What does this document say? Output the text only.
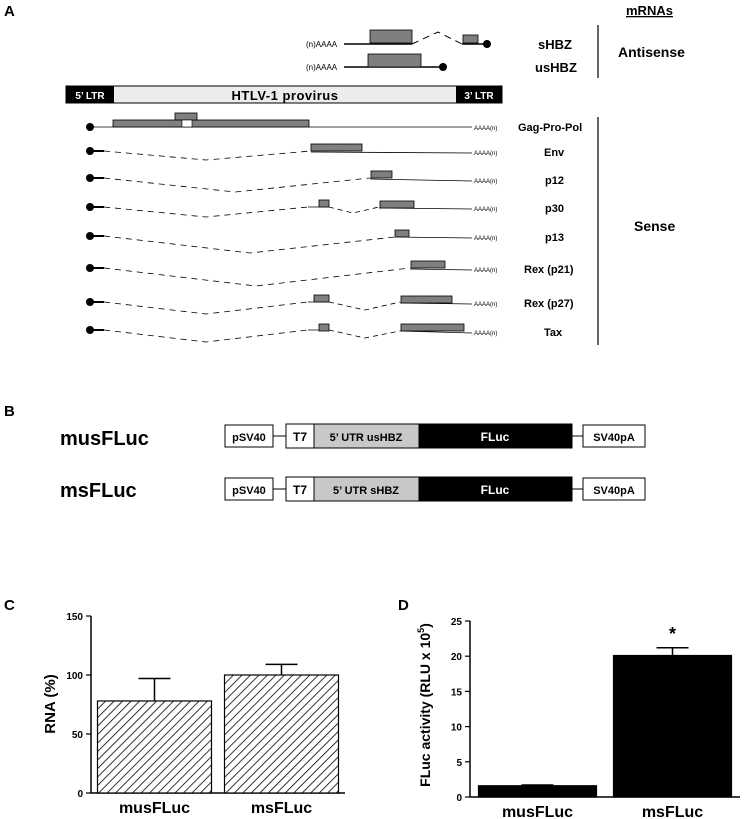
A	mRNAs
(n)AAAA
(n)AAAA
sHBZ
usHBZ
Antisense
5’ LTR	3’ LTR
HTLV-1 provirus
AAAA(n) Gag-Pro-Pol
AAAA(n)	Env
AAAA(n)	p12
AAAA(n)	p30
AAAA(n)	p13
AAAA(n) Rex (p21)
AAAA(n) Rex (p27)
AAAA(n)	Tax
Sense
B
musFLuc	pSV40 T7 5’ UTR usHBZ	FLuc	SV40pA
msFLuc	pSV40 T7 5’ UTR sHBZ	FLuc	SV40pA
C
RNA (%)
0
50
100
150
musFLuc	msFLuc
D
FLuc activity (RLU x $10^5$)
0
5
10
15
20
25
musFLuc	msFLuc
*
